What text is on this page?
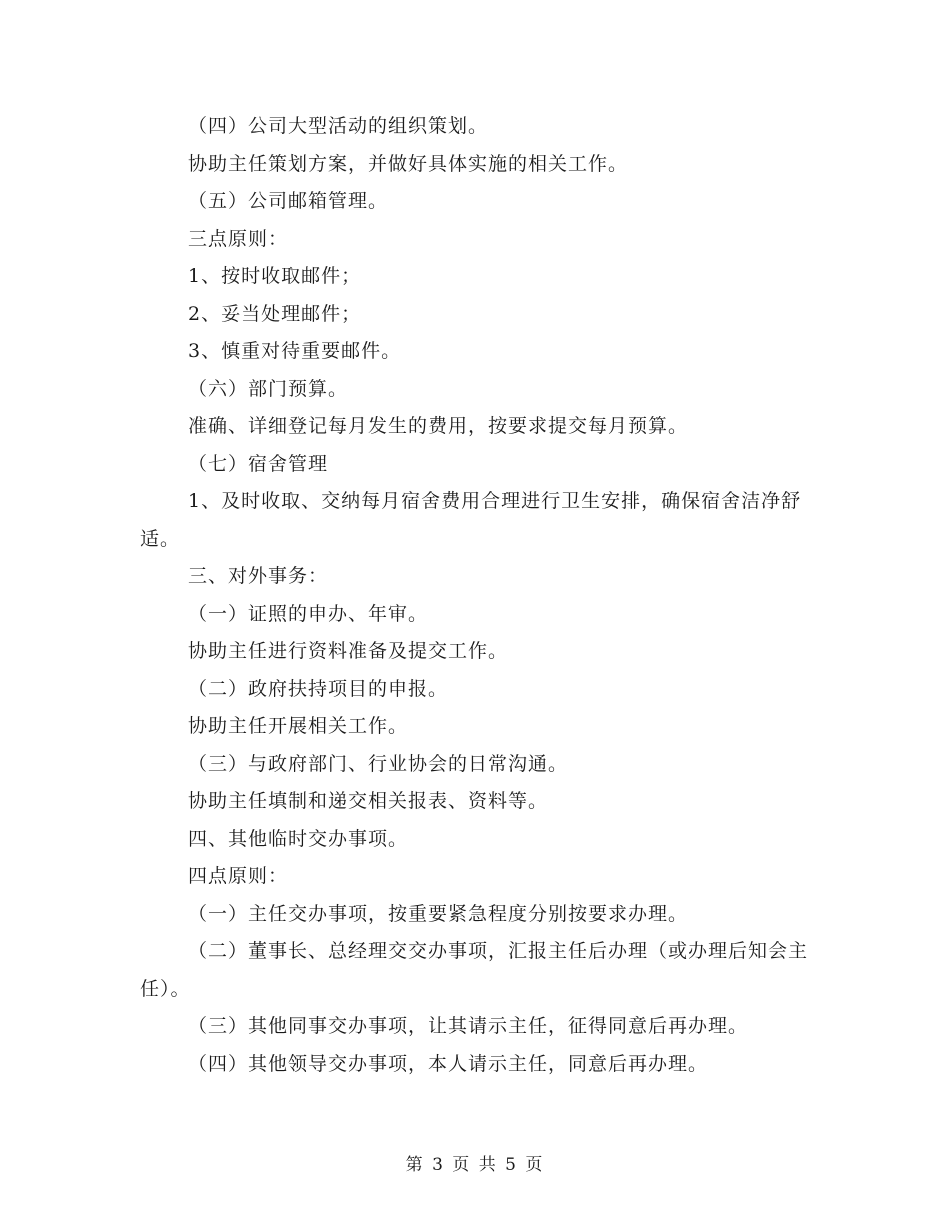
（四）公司大型活动的组织策划。

协助主任策划方案，并做好具体实施的相关工作。

（五）公司邮箱管理。

三点原则：

1、按时收取邮件；

2、妥当处理邮件；

3、慎重对待重要邮件。

（六）部门预算。

准确、详细登记每月发生的费用，按要求提交每月预算。

（七）宿舍管理

1、及时收取、交纳每月宿舍费用合理进行卫生安排，确保宿舍洁净舒适。

三、对外事务：

（一）证照的申办、年审。

协助主任进行资料准备及提交工作。

（二）政府扶持项目的申报。

协助主任开展相关工作。

（三）与政府部门、行业协会的日常沟通。

协助主任填制和递交相关报表、资料等。

四、其他临时交办事项。

四点原则：

（一）主任交办事项，按重要紧急程度分别按要求办理。

（二）董事长、总经理交交办事项，汇报主任后办理（或办理后知会主任）。

（三）其他同事交办事项，让其请示主任，征得同意后再办理。

（四）其他领导交办事项，本人请示主任，同意后再办理。

第 3 页 共 5 页
